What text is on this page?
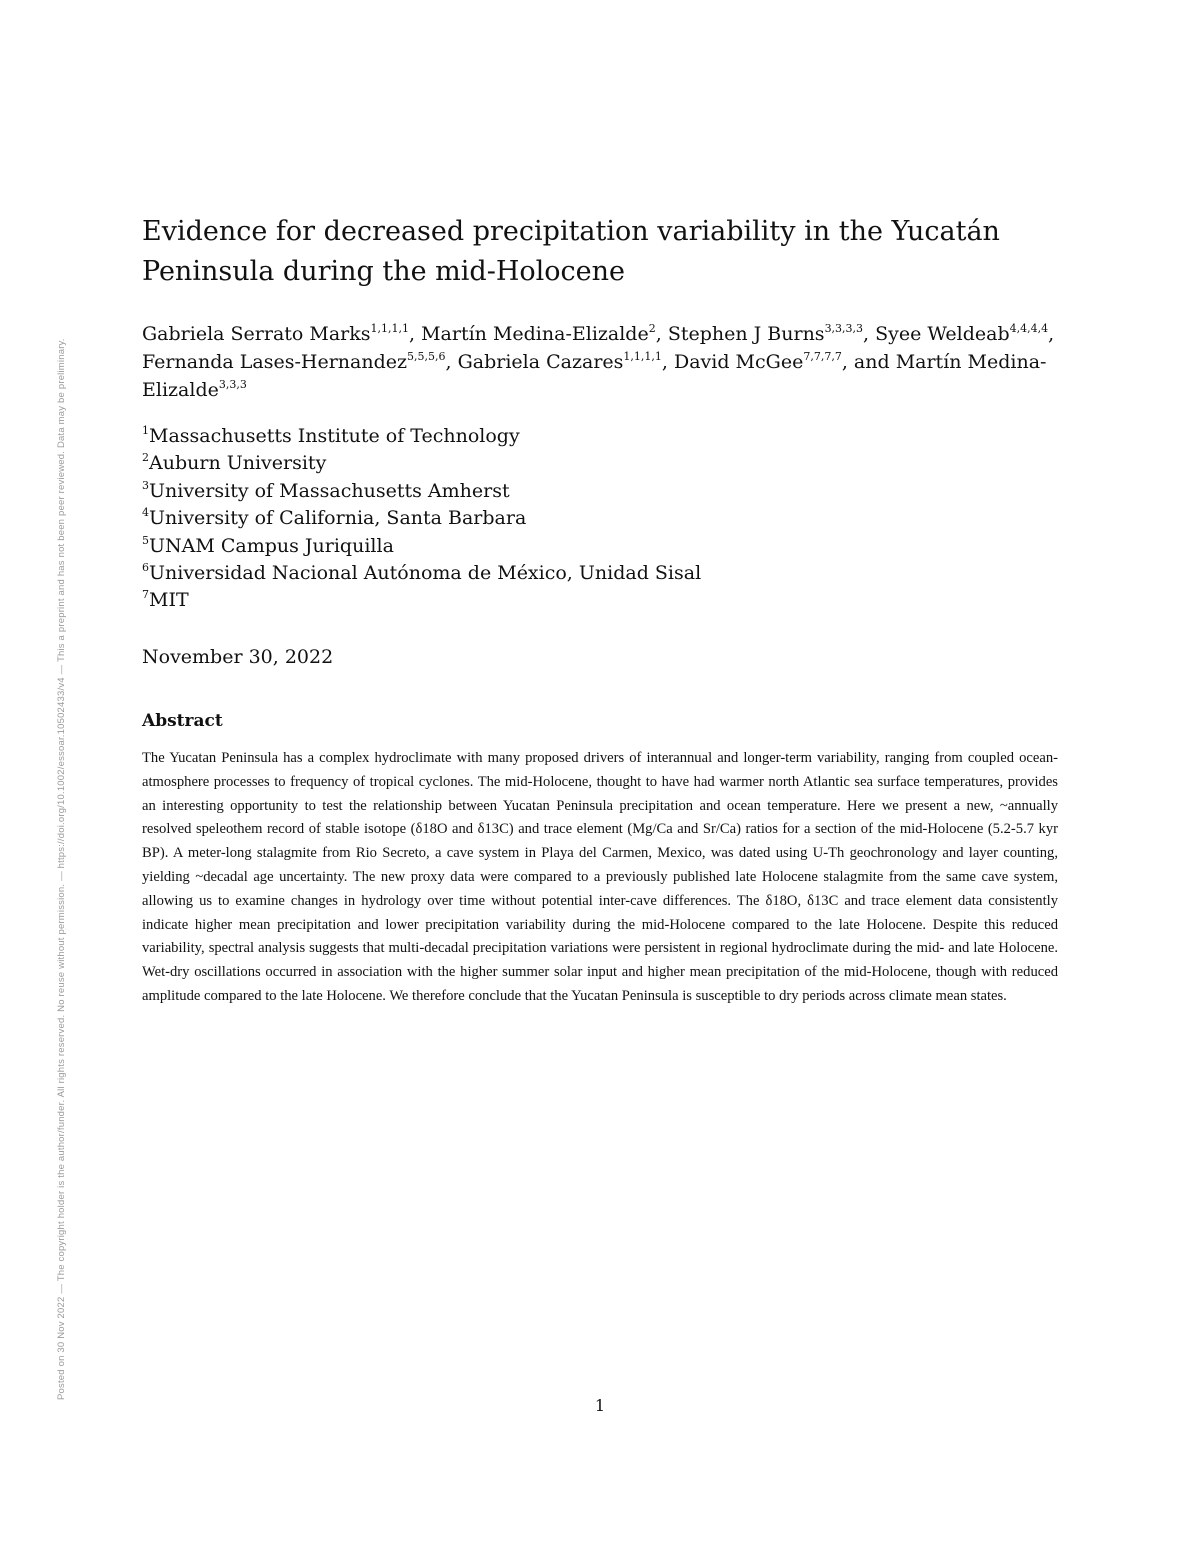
Posted on 30 Nov 2022 — The copyright holder is the author/funder. All rights reserved. No reuse without permission. — https://doi.org/10.1002/essoar.10502433/v4 — This a preprint and has not been peer reviewed. Data may be preliminary.
Evidence for decreased precipitation variability in the Yucatán Peninsula during the mid-Holocene
Gabriela Serrato Marks$^{1,1,1,1}$, Martín Medina-Elizalde$^2$, Stephen J Burns$^{3,3,3,3}$, Syee Weldeab$^{4,4,4,4}$, Fernanda Lases-Hernandez$^{5,5,5,6}$, Gabriela Cazares$^{1,1,1,1}$, David McGee$^{7,7,7,7}$, and Martín Medina-Elizalde$^{3,3,3}$
$^1$Massachusetts Institute of Technology
$^2$Auburn University
$^3$University of Massachusetts Amherst
$^4$University of California, Santa Barbara
$^5$UNAM Campus Juriquilla
$^6$Universidad Nacional Autónoma de México, Unidad Sisal
$^7$MIT
November 30, 2022
Abstract

The Yucatan Peninsula has a complex hydroclimate with many proposed drivers of interannual and longer-term variability, ranging from coupled ocean-atmosphere processes to frequency of tropical cyclones. The mid-Holocene, thought to have had warmer north Atlantic sea surface temperatures, provides an interesting opportunity to test the relationship between Yucatan Peninsula precipitation and ocean temperature. Here we present a new, ~annually resolved speleothem record of stable isotope (δ18O and δ13C) and trace element (Mg/Ca and Sr/Ca) ratios for a section of the mid-Holocene (5.2-5.7 kyr BP). A meter-long stalagmite from Rio Secreto, a cave system in Playa del Carmen, Mexico, was dated using U-Th geochronology and layer counting, yielding ~decadal age uncertainty. The new proxy data were compared to a previously published late Holocene stalagmite from the same cave system, allowing us to examine changes in hydrology over time without potential inter-cave differences. The δ18O, δ13C and trace element data consistently indicate higher mean precipitation and lower precipitation variability during the mid-Holocene compared to the late Holocene. Despite this reduced variability, spectral analysis suggests that multi-decadal precipitation variations were persistent in regional hydroclimate during the mid- and late Holocene. Wet-dry oscillations occurred in association with the higher summer solar input and higher mean precipitation of the mid-Holocene, though with reduced amplitude compared to the late Holocene. We therefore conclude that the Yucatan Peninsula is susceptible to dry periods across climate mean states.

1
